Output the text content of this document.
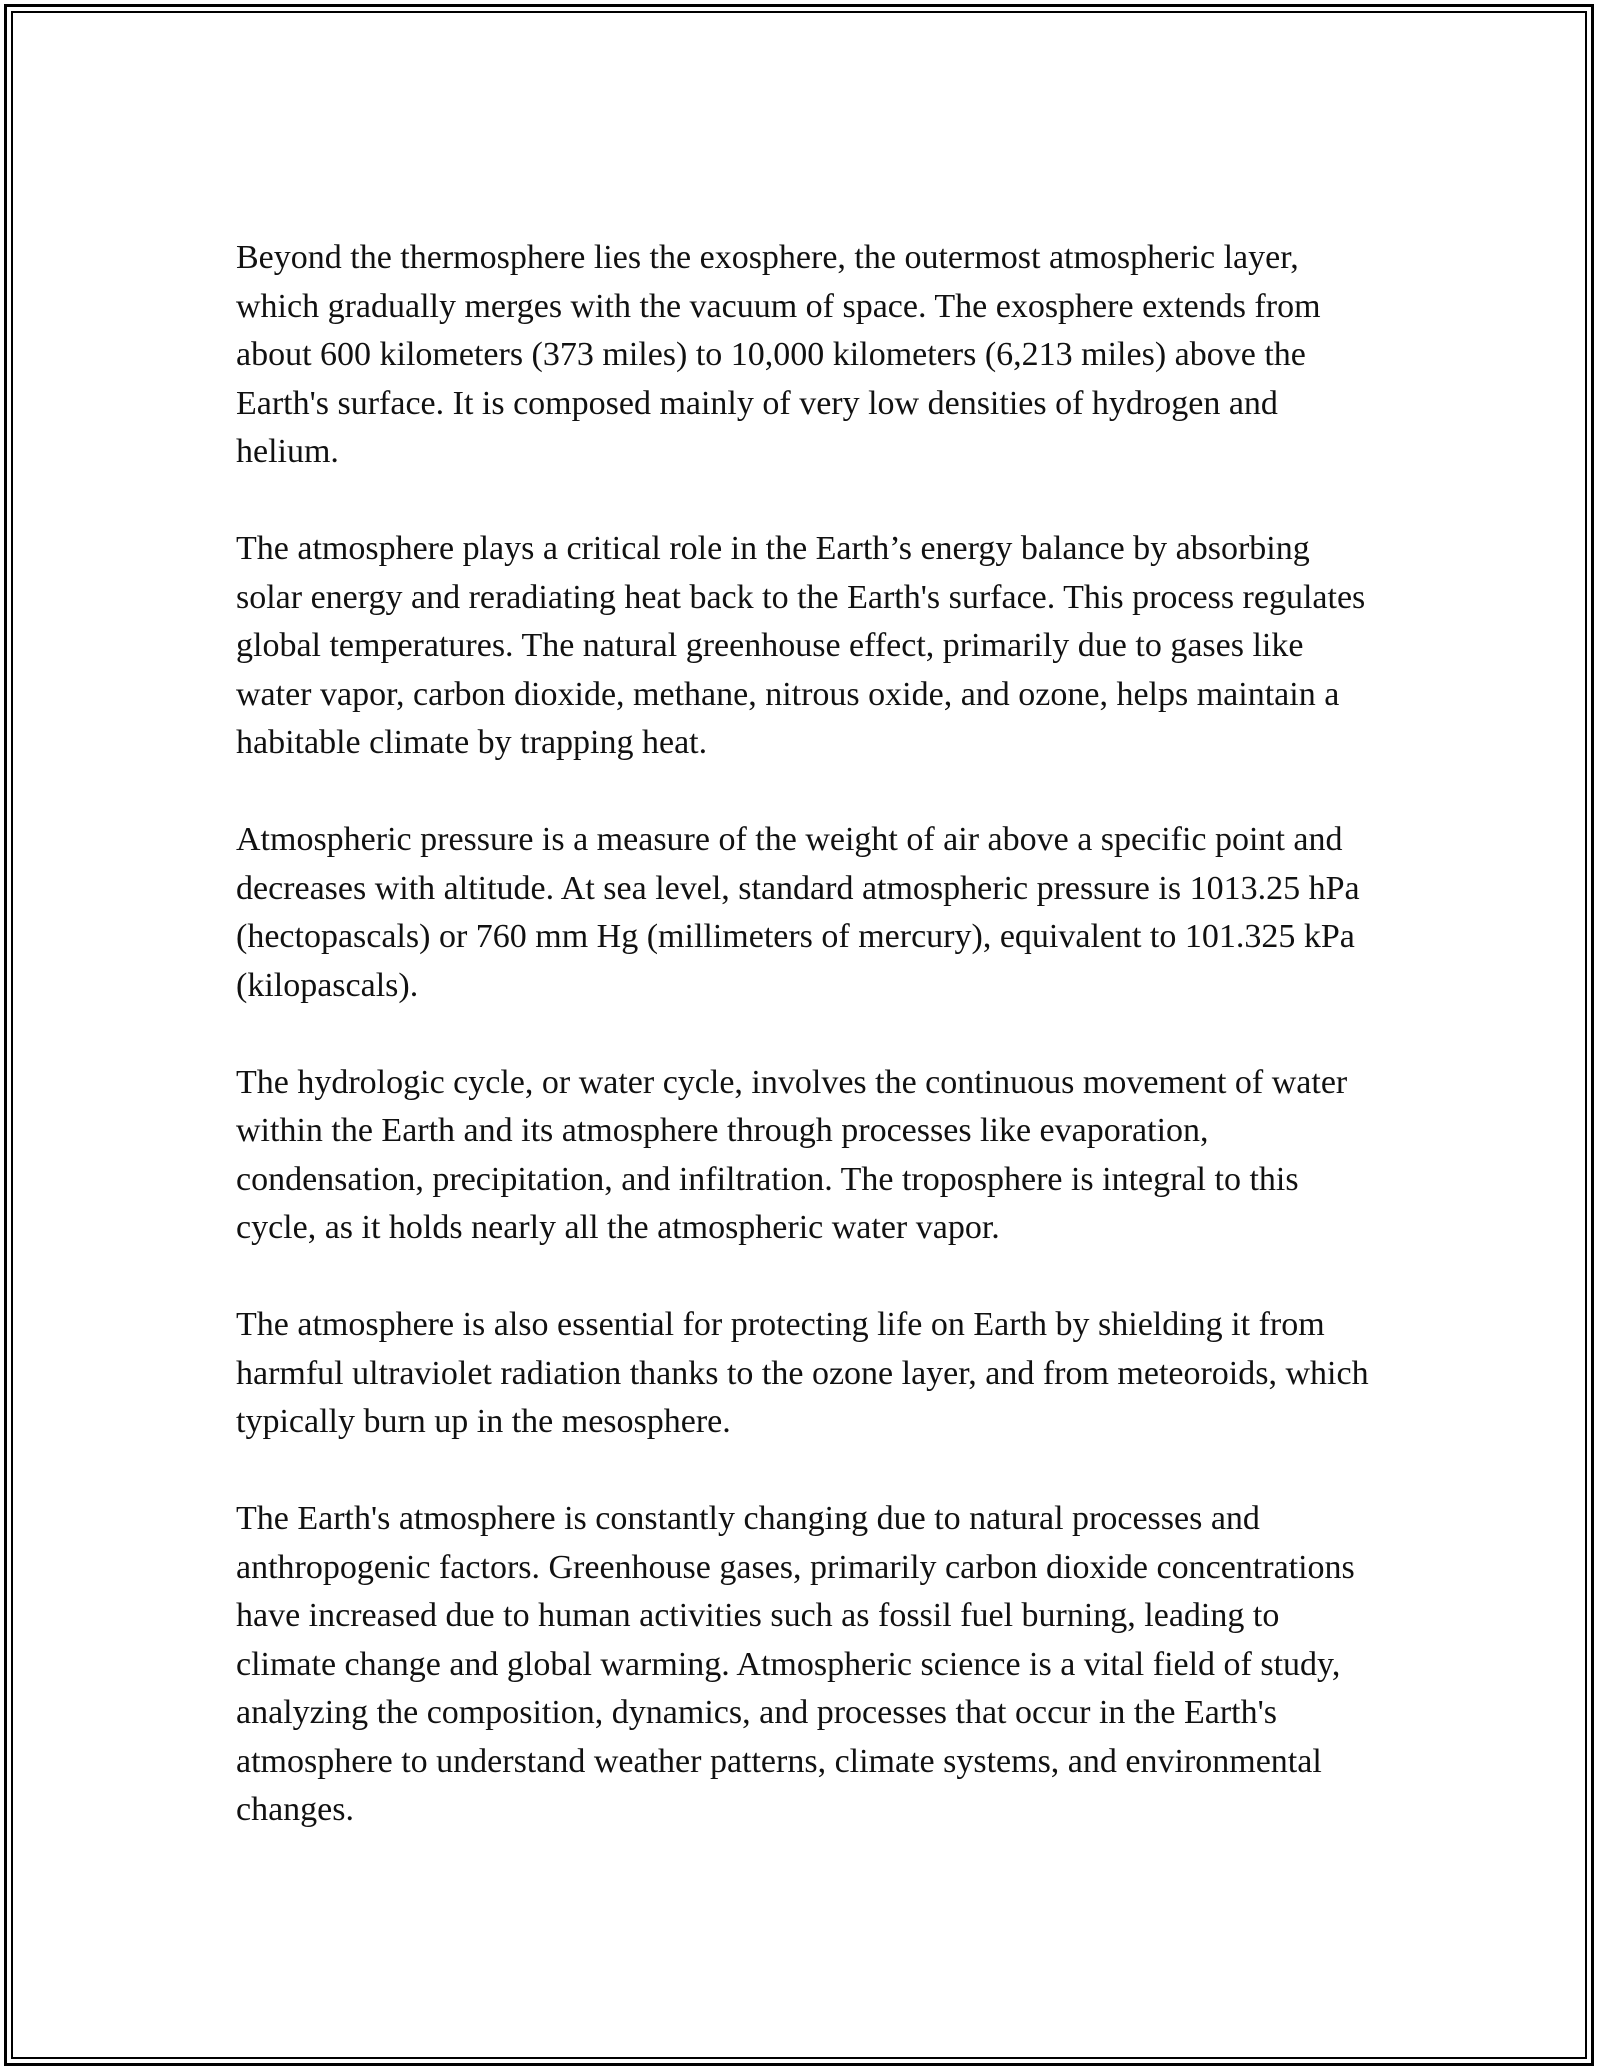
Beyond the thermosphere lies the exosphere, the outermost atmospheric layer, which gradually merges with the vacuum of space. The exosphere extends from about 600 kilometers (373 miles) to 10,000 kilometers (6,213 miles) above the Earth's surface. It is composed mainly of very low densities of hydrogen and helium.

The atmosphere plays a critical role in the Earth’s energy balance by absorbing solar energy and reradiating heat back to the Earth's surface. This process regulates global temperatures. The natural greenhouse effect, primarily due to gases like water vapor, carbon dioxide, methane, nitrous oxide, and ozone, helps maintain a habitable climate by trapping heat.

Atmospheric pressure is a measure of the weight of air above a specific point and decreases with altitude. At sea level, standard atmospheric pressure is 1013.25 hPa (hectopascals) or 760 mm Hg (millimeters of mercury), equivalent to 101.325 kPa (kilopascals).

The hydrologic cycle, or water cycle, involves the continuous movement of water within the Earth and its atmosphere through processes like evaporation, condensation, precipitation, and infiltration. The troposphere is integral to this cycle, as it holds nearly all the atmospheric water vapor.

The atmosphere is also essential for protecting life on Earth by shielding it from harmful ultraviolet radiation thanks to the ozone layer, and from meteoroids, which typically burn up in the mesosphere.

The Earth's atmosphere is constantly changing due to natural processes and anthropogenic factors. Greenhouse gases, primarily carbon dioxide concentrations have increased due to human activities such as fossil fuel burning, leading to climate change and global warming. Atmospheric science is a vital field of study, analyzing the composition, dynamics, and processes that occur in the Earth's atmosphere to understand weather patterns, climate systems, and environmental changes.
